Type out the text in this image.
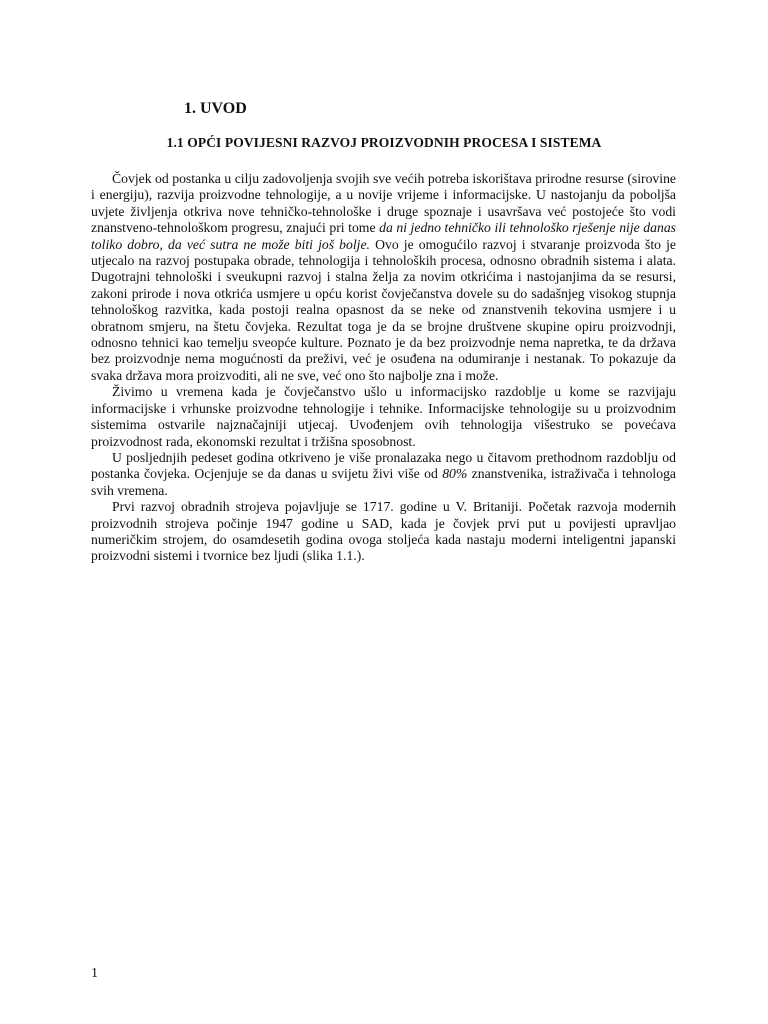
1. UVOD
1.1 OPĆI POVIJESNI RAZVOJ PROIZVODNIH PROCESA I SISTEMA

Čovjek od postanka u cilju zadovoljenja svojih sve većih potreba iskorištava prirodne resurse (sirovine i energiju), razvija proizvodne tehnologije, a u novije vrijeme i informacijske. U nastojanju da poboljša uvjete življenja otkriva nove tehničko-tehnološke i druge spoznaje i usavršava već postojeće što vodi znanstveno-tehnološkom progresu, znajući pri tome da ni jedno tehničko ili tehnološko rješenje nije danas toliko dobro, da već sutra ne može biti još bolje. Ovo je omogućilo razvoj i stvaranje proizvoda što je utjecalo na razvoj postupaka obrade, tehnologija i tehnoloških procesa, odnosno obradnih sistema i alata. Dugotrajni tehnološki i sveukupni razvoj i stalna želja za novim otkrićima i nastojanjima da se resursi, zakoni prirode i nova otkrića usmjere u opću korist čovječanstva dovele su do sadašnjeg visokog stupnja tehnološkog razvitka, kada postoji realna opasnost da se neke od znanstvenih tekovina usmjere i u obratnom smjeru, na štetu čovjeka. Rezultat toga je da se brojne društvene skupine opiru proizvodnji, odnosno tehnici kao temelju sveopće kulture. Poznato je da bez proizvodnje nema napretka, te da država bez proizvodnje nema mogućnosti da preživi, već je osuđena na odumiranje i nestanak. To pokazuje da svaka država mora proizvoditi, ali ne sve, već ono što najbolje zna i može.

Živimo u vremena kada je čovječanstvo ušlo u informacijsko razdoblje u kome se razvijaju informacijske i vrhunske proizvodne tehnologije i tehnike. Informacijske tehnologije su u proizvodnim sistemima ostvarile najznačajniji utjecaj. Uvođenjem ovih tehnologija višestruko se povećava proizvodnost rada, ekonomski rezultat i tržišna sposobnost.

U posljednjih pedeset godina otkriveno je više pronalazaka nego u čitavom prethodnom razdoblju od postanka čovjeka. Ocjenjuje se da danas u svijetu živi više od 80% znanstvenika, istraživača i tehnologa svih vremena.

Prvi razvoj obradnih strojeva pojavljuje se 1717. godine u V. Britaniji. Početak razvoja modernih proizvodnih strojeva počinje 1947 godine u SAD, kada je čovjek prvi put u povijesti upravljao numeričkim strojem, do osamdesetih godina ovoga stoljeća kada nastaju moderni inteligentni japanski proizvodni sistemi i tvornice bez ljudi (slika 1.1.).

1
